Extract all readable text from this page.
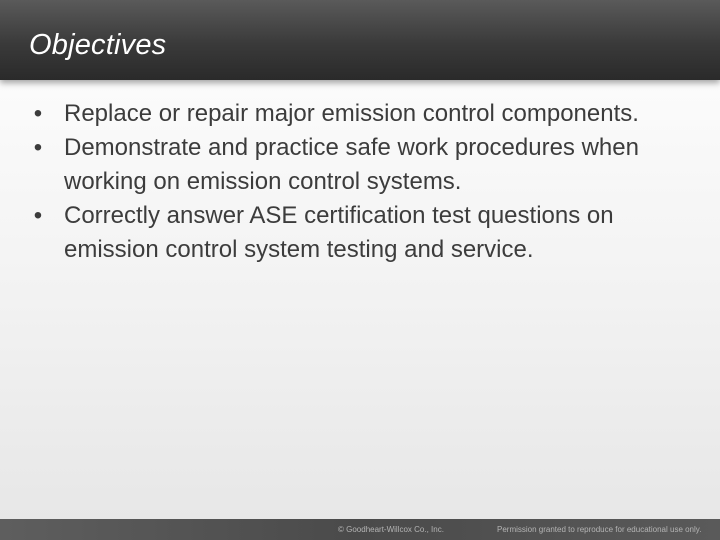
Objectives
• Replace or repair major emission control components.
• Demonstrate and practice safe work procedures when working on emission control systems.
• Correctly answer ASE certification test questions on emission control system testing and service.
© Goodheart-Willcox Co., Inc.	Permission granted to reproduce for educational use only.
